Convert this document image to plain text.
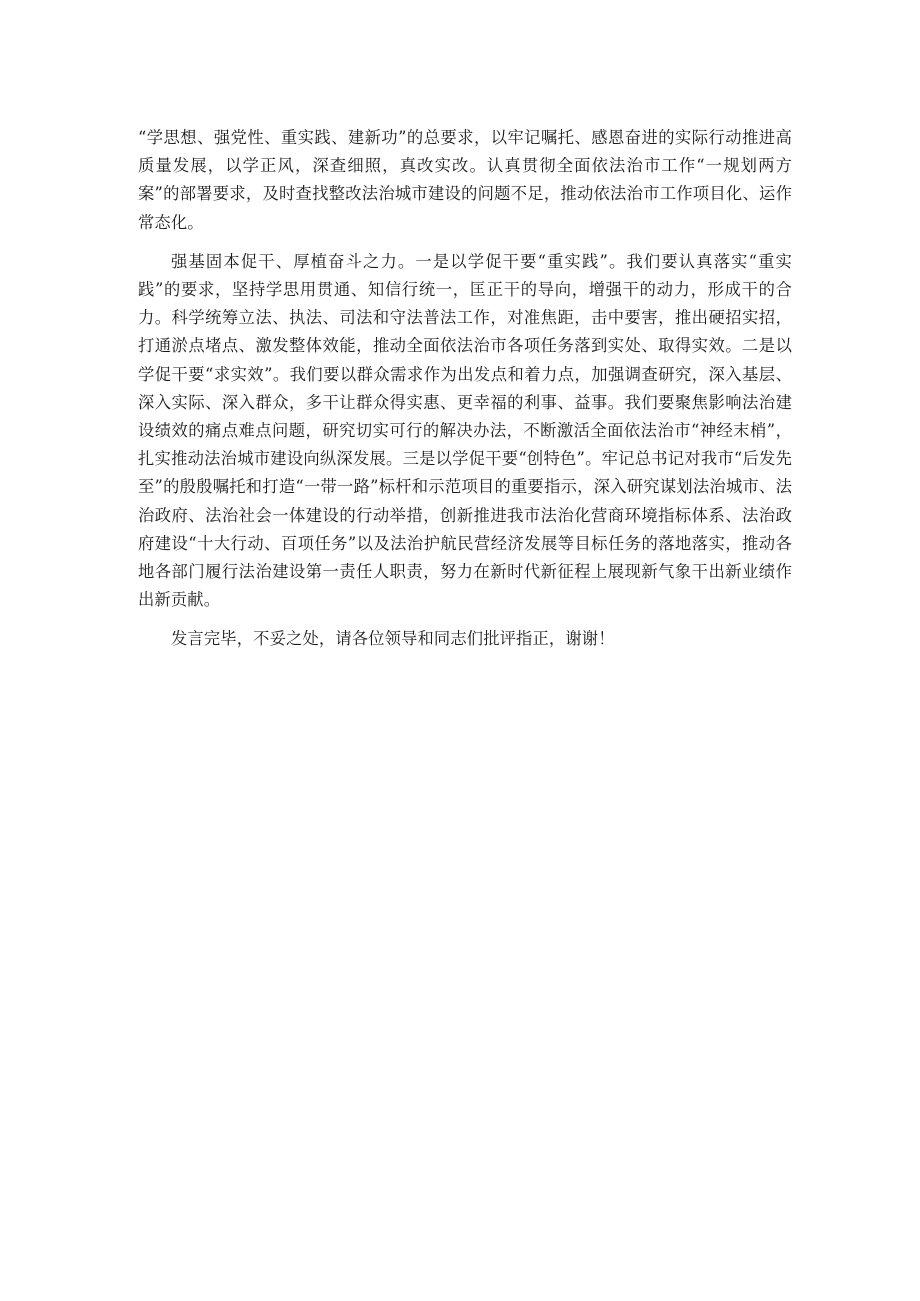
“学思想、强党性、重实践、建新功”的总要求，以牢记嘱托、感恩奋进的实际行动推进高质量发展，以学正风，深查细照，真改实改。认真贯彻全面依法治市工作“一规划两方案”的部署要求，及时查找整改法治城市建设的问题不足，推动依法治市工作项目化、运作常态化。

强基固本促干、厚植奋斗之力。一是以学促干要“重实践”。我们要认真落实“重实践”的要求，坚持学思用贯通、知信行统一，匡正干的导向，增强干的动力，形成干的合力。科学统筹立法、执法、司法和守法普法工作，对准焦距，击中要害，推出硬招实招，打通淤点堵点、激发整体效能，推动全面依法治市各项任务落到实处、取得实效。二是以学促干要“求实效”。我们要以群众需求作为出发点和着力点，加强调查研究，深入基层、深入实际、深入群众，多干让群众得实惠、更幸福的利事、益事。我们要聚焦影响法治建设绩效的痛点难点问题，研究切实可行的解决办法，不断激活全面依法治市“神经末梢”，扎实推动法治城市建设向纵深发展。三是以学促干要“创特色”。牢记总书记对我市“后发先至”的殷殷嘱托和打造“一带一路”标杆和示范项目的重要指示，深入研究谋划法治城市、法治政府、法治社会一体建设的行动举措，创新推进我市法治化营商环境指标体系、法治政府建设“十大行动、百项任务”以及法治护航民营经济发展等目标任务的落地落实，推动各地各部门履行法治建设第一责任人职责，努力在新时代新征程上展现新气象干出新业绩作出新贡献。

发言完毕，不妥之处，请各位领导和同志们批评指正，谢谢！
